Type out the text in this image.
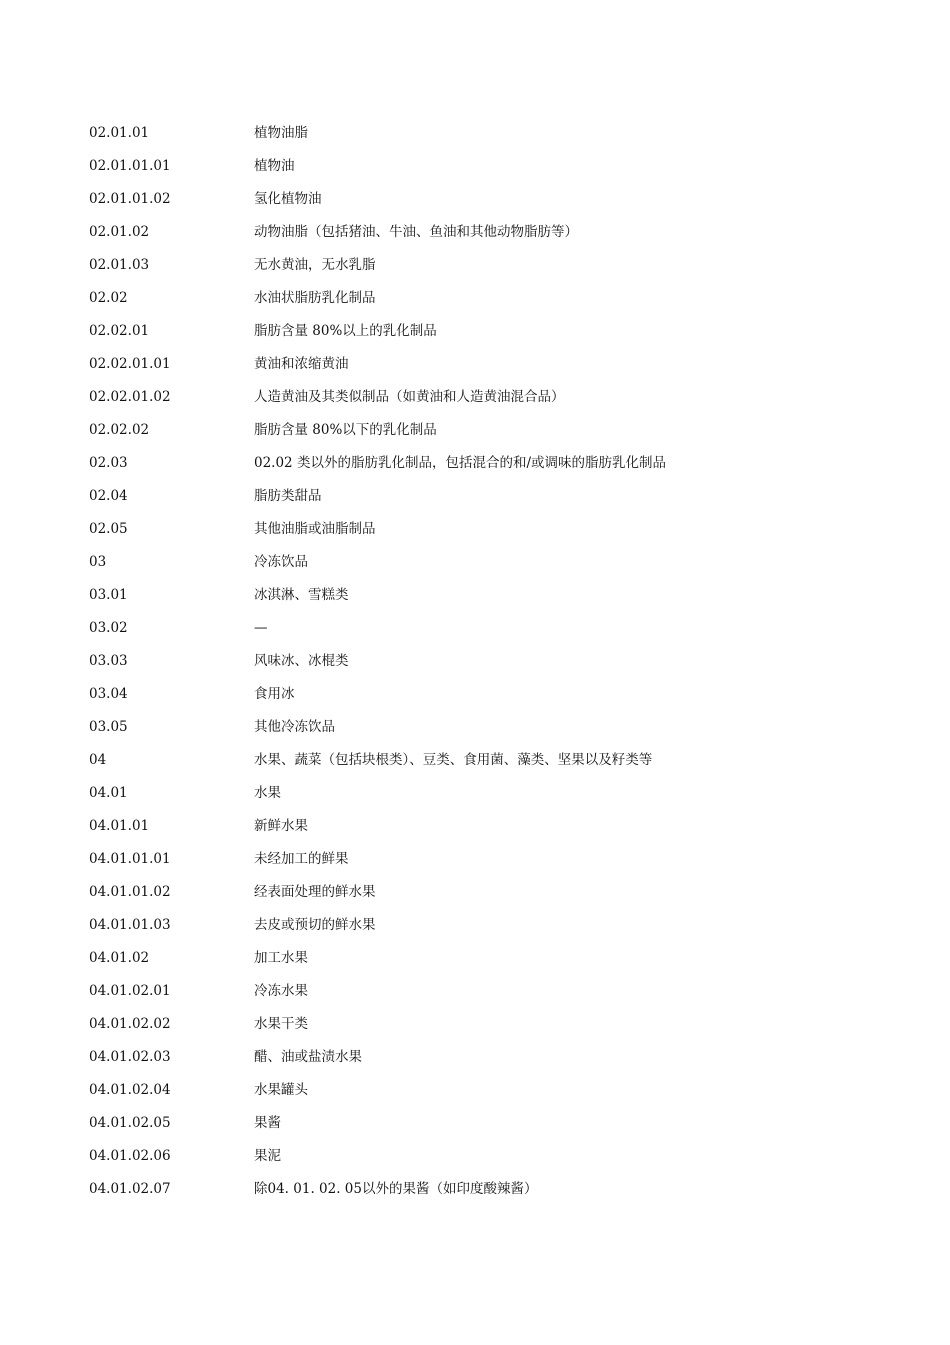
02.01.01	植物油脂
02.01.01.01	植物油
02.01.01.02	氢化植物油
02.01.02	动物油脂（包括猪油、牛油、鱼油和其他动物脂肪等）
02.01.03	无水黄油，无水乳脂
02.02	水油状脂肪乳化制品
02.02.01	脂肪含量 80%以上的乳化制品
02.02.01.01	黄油和浓缩黄油
02.02.01.02	人造黄油及其类似制品（如黄油和人造黄油混合品）
02.02.02	脂肪含量 80%以下的乳化制品
02.03	02.02 类以外的脂肪乳化制品，包括混合的和/或调味的脂肪乳化制品
02.04	脂肪类甜品
02.05	其他油脂或油脂制品
03	冷冻饮品
03.01	冰淇淋、雪糕类
03.02	—
03.03	风味冰、冰棍类
03.04	食用冰
03.05	其他冷冻饮品
04	水果、蔬菜（包括块根类）、豆类、食用菌、藻类、坚果以及籽类等
04.01	水果
04.01.01	新鲜水果
04.01.01.01	未经加工的鲜果
04.01.01.02	经表面处理的鲜水果
04.01.01.03	去皮或预切的鲜水果
04.01.02	加工水果
04.01.02.01	冷冻水果
04.01.02.02	水果干类
04.01.02.03	醋、油或盐渍水果
04.01.02.04	水果罐头
04.01.02.05	果酱
04.01.02.06	果泥
04.01.02.07	除04. 01. 02. 05以外的果酱（如印度酸辣酱）
